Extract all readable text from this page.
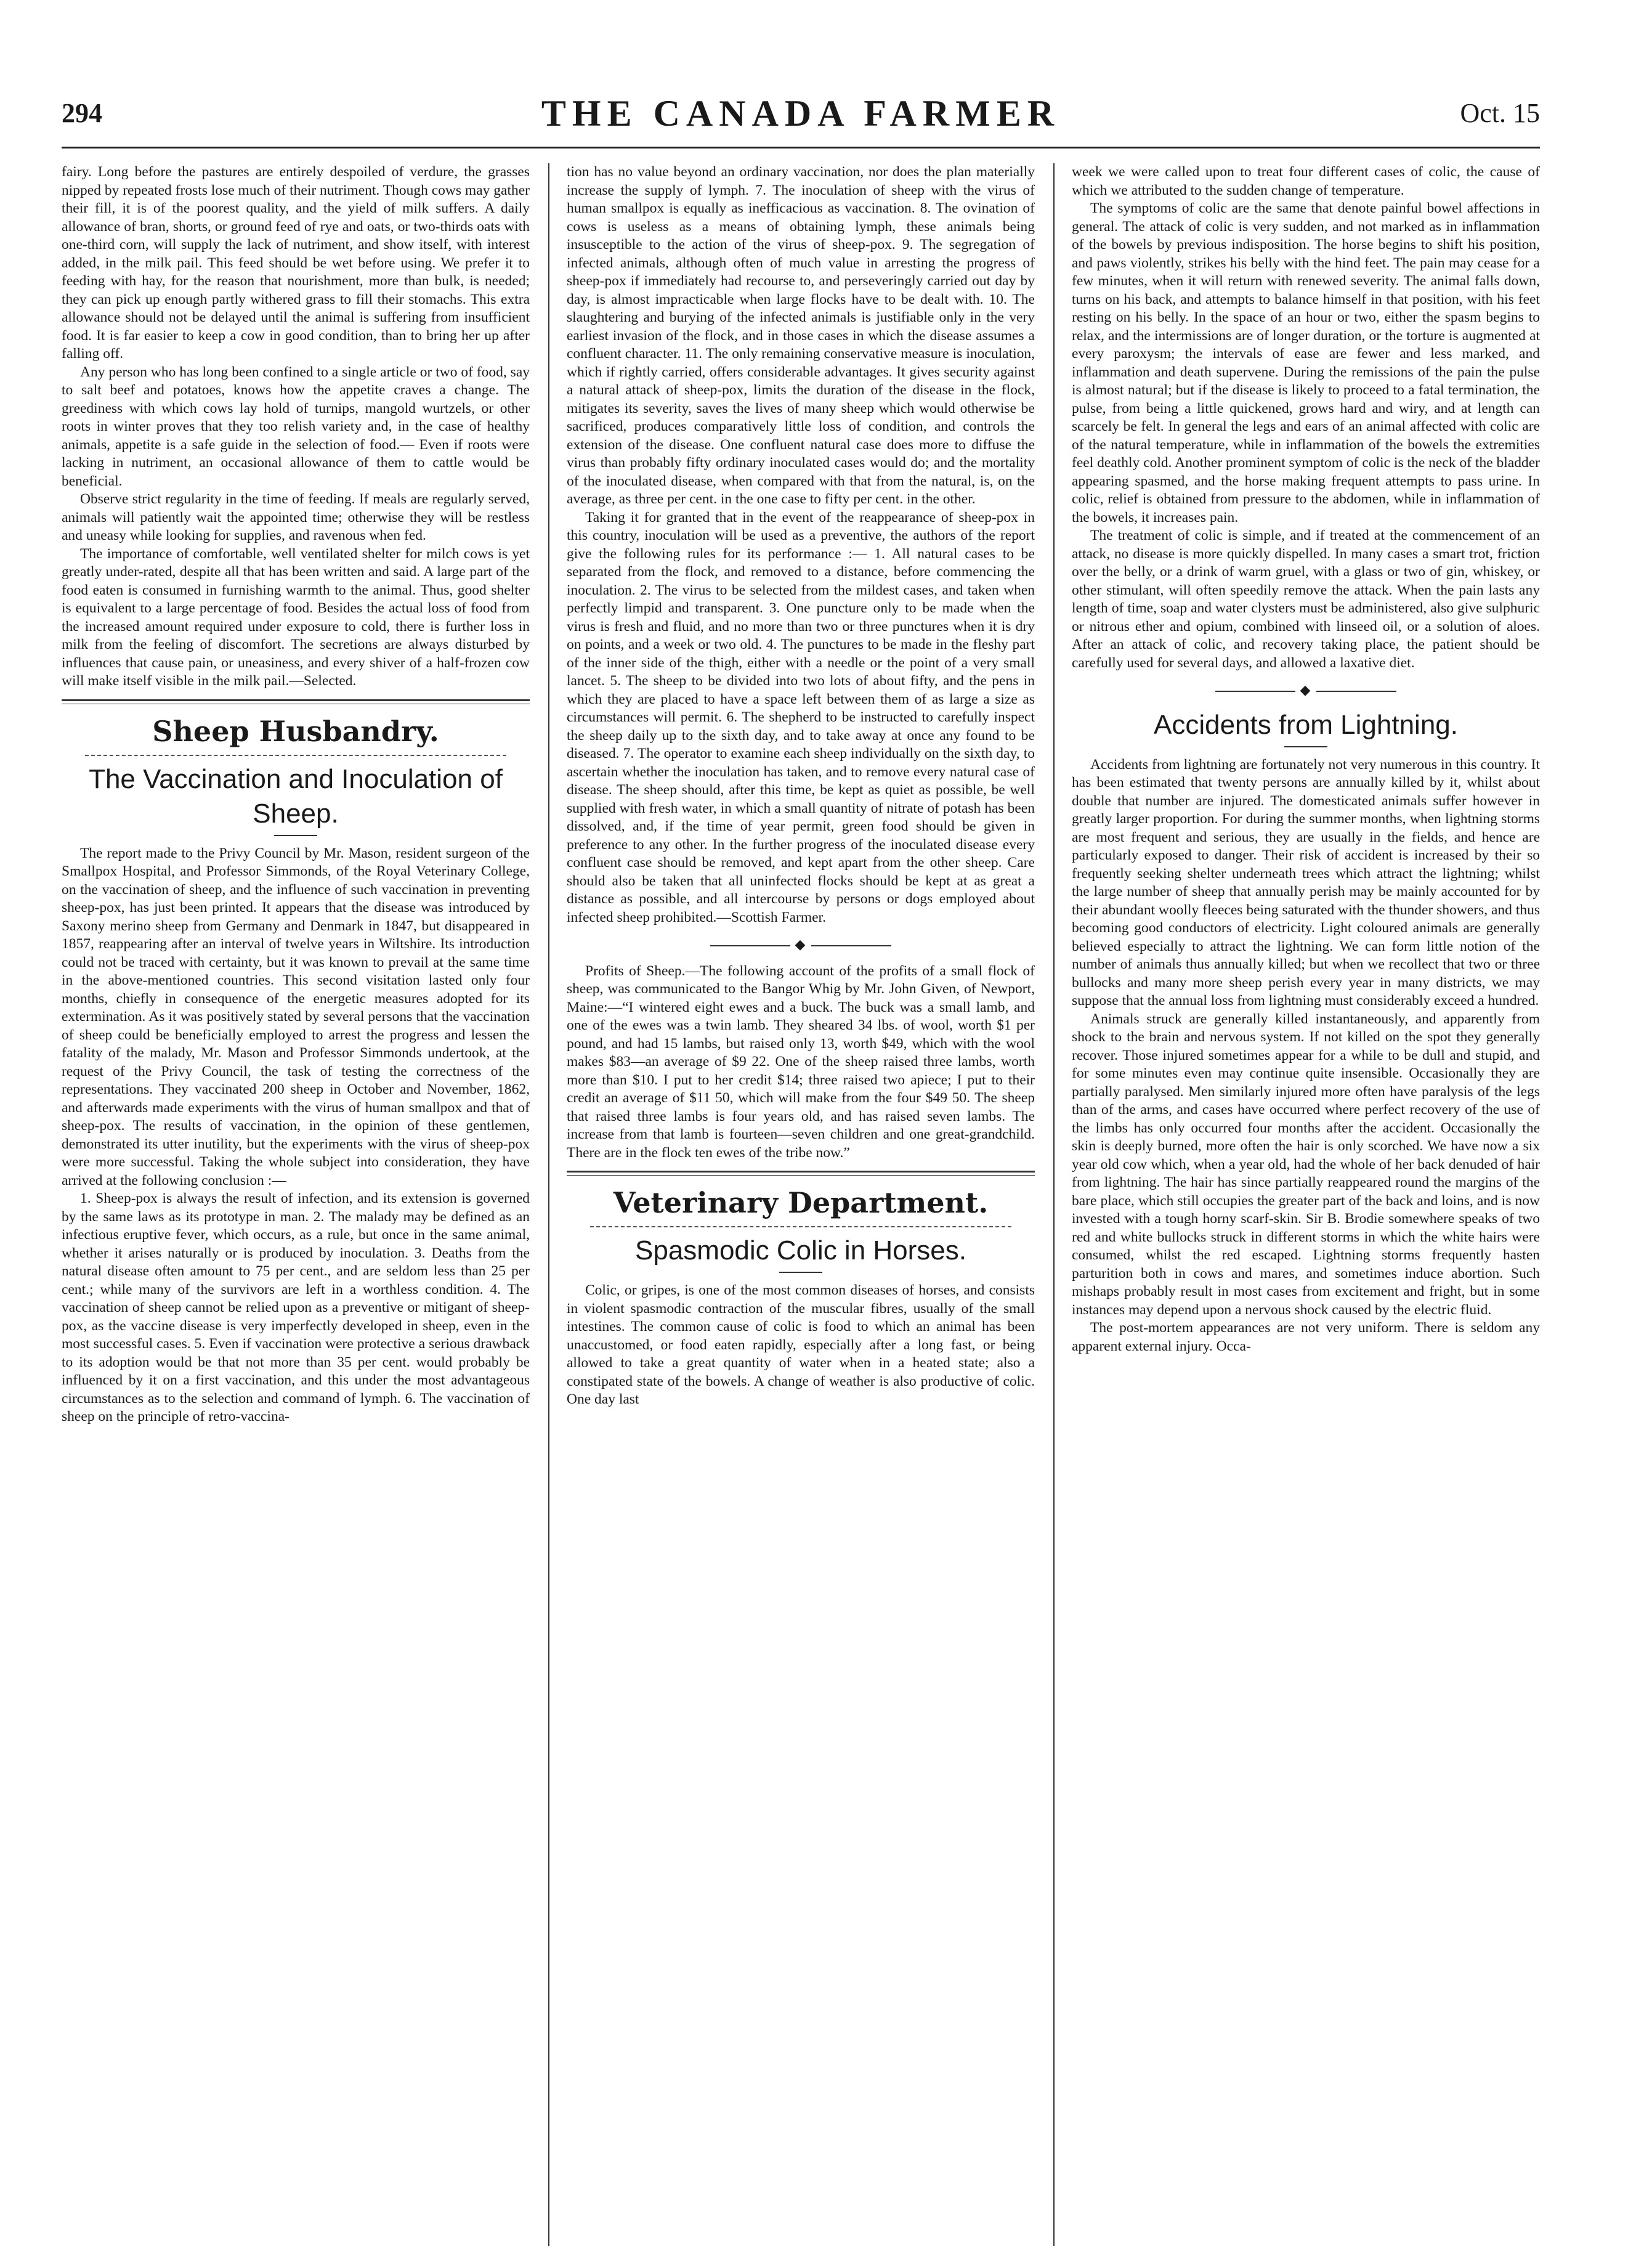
294	THE CANADA FARMER	Oct. 15

fairy. Long before the pastures are entirely despoiled of verdure, the grasses nipped by repeated frosts lose much of their nutriment. Though cows may gather their fill, it is of the poorest quality, and the yield of milk suffers. A daily allowance of bran, shorts, or ground feed of rye and oats, or two-thirds oats with one-third corn, will supply the lack of nutriment, and show itself, with interest added, in the milk pail. This feed should be wet before using. We prefer it to feeding with hay, for the reason that nourishment, more than bulk, is needed; they can pick up enough partly withered grass to fill their stomachs. This extra allowance should not be delayed until the animal is suffering from insufficient food. It is far easier to keep a cow in good condition, than to bring her up after falling off.

Any person who has long been confined to a single article or two of food, say to salt beef and potatoes, knows how the appetite craves a change. The greediness with which cows lay hold of turnips, mangold wurtzels, or other roots in winter proves that they too relish variety and, in the case of healthy animals, appetite is a safe guide in the selection of food.— Even if roots were lacking in nutriment, an occasional allowance of them to cattle would be beneficial.

Observe strict regularity in the time of feeding. If meals are regularly served, animals will patiently wait the appointed time; otherwise they will be restless and uneasy while looking for supplies, and ravenous when fed.

The importance of comfortable, well ventilated shelter for milch cows is yet greatly under-rated, despite all that has been written and said. A large part of the food eaten is consumed in furnishing warmth to the animal. Thus, good shelter is equivalent to a large percentage of food. Besides the actual loss of food from the increased amount required under exposure to cold, there is further loss in milk from the feeling of discomfort. The secretions are always disturbed by influences that cause pain, or uneasiness, and every shiver of a half-frozen cow will make itself visible in the milk pail.—Selected.

Sheep Husbandry.
The Vaccination and Inoculation of Sheep.

The report made to the Privy Council by Mr. Mason, resident surgeon of the Smallpox Hospital, and Professor Simmonds, of the Royal Veterinary College, on the vaccination of sheep, and the influence of such vaccination in preventing sheep-pox, has just been printed. It appears that the disease was introduced by Saxony merino sheep from Germany and Denmark in 1847, but disappeared in 1857, reappearing after an interval of twelve years in Wiltshire. Its introduction could not be traced with certainty, but it was known to prevail at the same time in the above-mentioned countries. This second visitation lasted only four months, chiefly in consequence of the energetic measures adopted for its extermination. As it was positively stated by several persons that the vaccination of sheep could be beneficially employed to arrest the progress and lessen the fatality of the malady, Mr. Mason and Professor Simmonds undertook, at the request of the Privy Council, the task of testing the correctness of the representations. They vaccinated 200 sheep in October and November, 1862, and afterwards made experiments with the virus of human smallpox and that of sheep-pox. The results of vaccination, in the opinion of these gentlemen, demonstrated its utter inutility, but the experiments with the virus of sheep-pox were more successful. Taking the whole subject into consideration, they have arrived at the following conclusion :—

1. Sheep-pox is always the result of infection, and its extension is governed by the same laws as its prototype in man. 2. The malady may be defined as an infectious eruptive fever, which occurs, as a rule, but once in the same animal, whether it arises naturally or is produced by inoculation. 3. Deaths from the natural disease often amount to 75 per cent., and are seldom less than 25 per cent.; while many of the survivors are left in a worthless condition. 4. The vaccination of sheep cannot be relied upon as a preventive or mitigant of sheep-pox, as the vaccine disease is very imperfectly developed in sheep, even in the most successful cases. 5. Even if vaccination were protective a serious drawback to its adoption would be that not more than 35 per cent. would probably be influenced by it on a first vaccination, and this under the most advantageous circumstances as to the selection and command of lymph. 6. The vaccination of sheep on the principle of retro-vaccina-

tion has no value beyond an ordinary vaccination, nor does the plan materially increase the supply of lymph. 7. The inoculation of sheep with the virus of human smallpox is equally as inefficacious as vaccination. 8. The ovination of cows is useless as a means of obtaining lymph, these animals being insusceptible to the action of the virus of sheep-pox. 9. The segregation of infected animals, although often of much value in arresting the progress of sheep-pox if immediately had recourse to, and perseveringly carried out day by day, is almost impracticable when large flocks have to be dealt with. 10. The slaughtering and burying of the infected animals is justifiable only in the very earliest invasion of the flock, and in those cases in which the disease assumes a confluent character. 11. The only remaining conservative measure is inoculation, which if rightly carried, offers considerable advantages. It gives security against a natural attack of sheep-pox, limits the duration of the disease in the flock, mitigates its severity, saves the lives of many sheep which would otherwise be sacrificed, produces comparatively little loss of condition, and controls the extension of the disease. One confluent natural case does more to diffuse the virus than probably fifty ordinary inoculated cases would do; and the mortality of the inoculated disease, when compared with that from the natural, is, on the average, as three per cent. in the one case to fifty per cent. in the other.

Taking it for granted that in the event of the reappearance of sheep-pox in this country, inoculation will be used as a preventive, the authors of the report give the following rules for its performance :— 1. All natural cases to be separated from the flock, and removed to a distance, before commencing the inoculation. 2. The virus to be selected from the mildest cases, and taken when perfectly limpid and transparent. 3. One puncture only to be made when the virus is fresh and fluid, and no more than two or three punctures when it is dry on points, and a week or two old. 4. The punctures to be made in the fleshy part of the inner side of the thigh, either with a needle or the point of a very small lancet. 5. The sheep to be divided into two lots of about fifty, and the pens in which they are placed to have a space left between them of as large a size as circumstances will permit. 6. The shepherd to be instructed to carefully inspect the sheep daily up to the sixth day, and to take away at once any found to be diseased. 7. The operator to examine each sheep individually on the sixth day, to ascertain whether the inoculation has taken, and to remove every natural case of disease. The sheep should, after this time, be kept as quiet as possible, be well supplied with fresh water, in which a small quantity of nitrate of potash has been dissolved, and, if the time of year permit, green food should be given in preference to any other. In the further progress of the inoculated disease every confluent case should be removed, and kept apart from the other sheep. Care should also be taken that all uninfected flocks should be kept at as great a distance as possible, and all intercourse by persons or dogs employed about infected sheep prohibited.—Scottish Farmer.

◆

Profits of Sheep.—The following account of the profits of a small flock of sheep, was communicated to the Bangor Whig by Mr. John Given, of Newport, Maine:—“I wintered eight ewes and a buck. The buck was a small lamb, and one of the ewes was a twin lamb. They sheared 34 lbs. of wool, worth $1 per pound, and had 15 lambs, but raised only 13, worth $49, which with the wool makes $83—an average of $9 22. One of the sheep raised three lambs, worth more than $10. I put to her credit $14; three raised two apiece; I put to their credit an average of $11 50, which will make from the four $49 50. The sheep that raised three lambs is four years old, and has raised seven lambs. The increase from that lamb is fourteen—seven children and one great-grandchild. There are in the flock ten ewes of the tribe now.”

Veterinary Department.
Spasmodic Colic in Horses.

Colic, or gripes, is one of the most common diseases of horses, and consists in violent spasmodic contraction of the muscular fibres, usually of the small intestines. The common cause of colic is food to which an animal has been unaccustomed, or food eaten rapidly, especially after a long fast, or being allowed to take a great quantity of water when in a heated state; also a constipated state of the bowels. A change of weather is also productive of colic. One day last

week we were called upon to treat four different cases of colic, the cause of which we attributed to the sudden change of temperature.

The symptoms of colic are the same that denote painful bowel affections in general. The attack of colic is very sudden, and not marked as in inflammation of the bowels by previous indisposition. The horse begins to shift his position, and paws violently, strikes his belly with the hind feet. The pain may cease for a few minutes, when it will return with renewed severity. The animal falls down, turns on his back, and attempts to balance himself in that position, with his feet resting on his belly. In the space of an hour or two, either the spasm begins to relax, and the intermissions are of longer duration, or the torture is augmented at every paroxysm; the intervals of ease are fewer and less marked, and inflammation and death supervene. During the remissions of the pain the pulse is almost natural; but if the disease is likely to proceed to a fatal termination, the pulse, from being a little quickened, grows hard and wiry, and at length can scarcely be felt. In general the legs and ears of an animal affected with colic are of the natural temperature, while in inflammation of the bowels the extremities feel deathly cold. Another prominent symptom of colic is the neck of the bladder appearing spasmed, and the horse making frequent attempts to pass urine. In colic, relief is obtained from pressure to the abdomen, while in inflammation of the bowels, it increases pain.

The treatment of colic is simple, and if treated at the commencement of an attack, no disease is more quickly dispelled. In many cases a smart trot, friction over the belly, or a drink of warm gruel, with a glass or two of gin, whiskey, or other stimulant, will often speedily remove the attack. When the pain lasts any length of time, soap and water clysters must be administered, also give sulphuric or nitrous ether and opium, combined with linseed oil, or a solution of aloes. After an attack of colic, and recovery taking place, the patient should be carefully used for several days, and allowed a laxative diet.

◆
Accidents from Lightning.

Accidents from lightning are fortunately not very numerous in this country. It has been estimated that twenty persons are annually killed by it, whilst about double that number are injured. The domesticated animals suffer however in greatly larger proportion. For during the summer months, when lightning storms are most frequent and serious, they are usually in the fields, and hence are particularly exposed to danger. Their risk of accident is increased by their so frequently seeking shelter underneath trees which attract the lightning; whilst the large number of sheep that annually perish may be mainly accounted for by their abundant woolly fleeces being saturated with the thunder showers, and thus becoming good conductors of electricity. Light coloured animals are generally believed especially to attract the lightning. We can form little notion of the number of animals thus annually killed; but when we recollect that two or three bullocks and many more sheep perish every year in many districts, we may suppose that the annual loss from lightning must considerably exceed a hundred.

Animals struck are generally killed instantaneously, and apparently from shock to the brain and nervous system. If not killed on the spot they generally recover. Those injured sometimes appear for a while to be dull and stupid, and for some minutes even may continue quite insensible. Occasionally they are partially paralysed. Men similarly injured more often have paralysis of the legs than of the arms, and cases have occurred where perfect recovery of the use of the limbs has only occurred four months after the accident. Occasionally the skin is deeply burned, more often the hair is only scorched. We have now a six year old cow which, when a year old, had the whole of her back denuded of hair from lightning. The hair has since partially reappeared round the margins of the bare place, which still occupies the greater part of the back and loins, and is now invested with a tough horny scarf-skin. Sir B. Brodie somewhere speaks of two red and white bullocks struck in different storms in which the white hairs were consumed, whilst the red escaped. Lightning storms frequently hasten parturition both in cows and mares, and sometimes induce abortion. Such mishaps probably result in most cases from excitement and fright, but in some instances may depend upon a nervous shock caused by the electric fluid.

The post-mortem appearances are not very uniform. There is seldom any apparent external injury. Occa-
